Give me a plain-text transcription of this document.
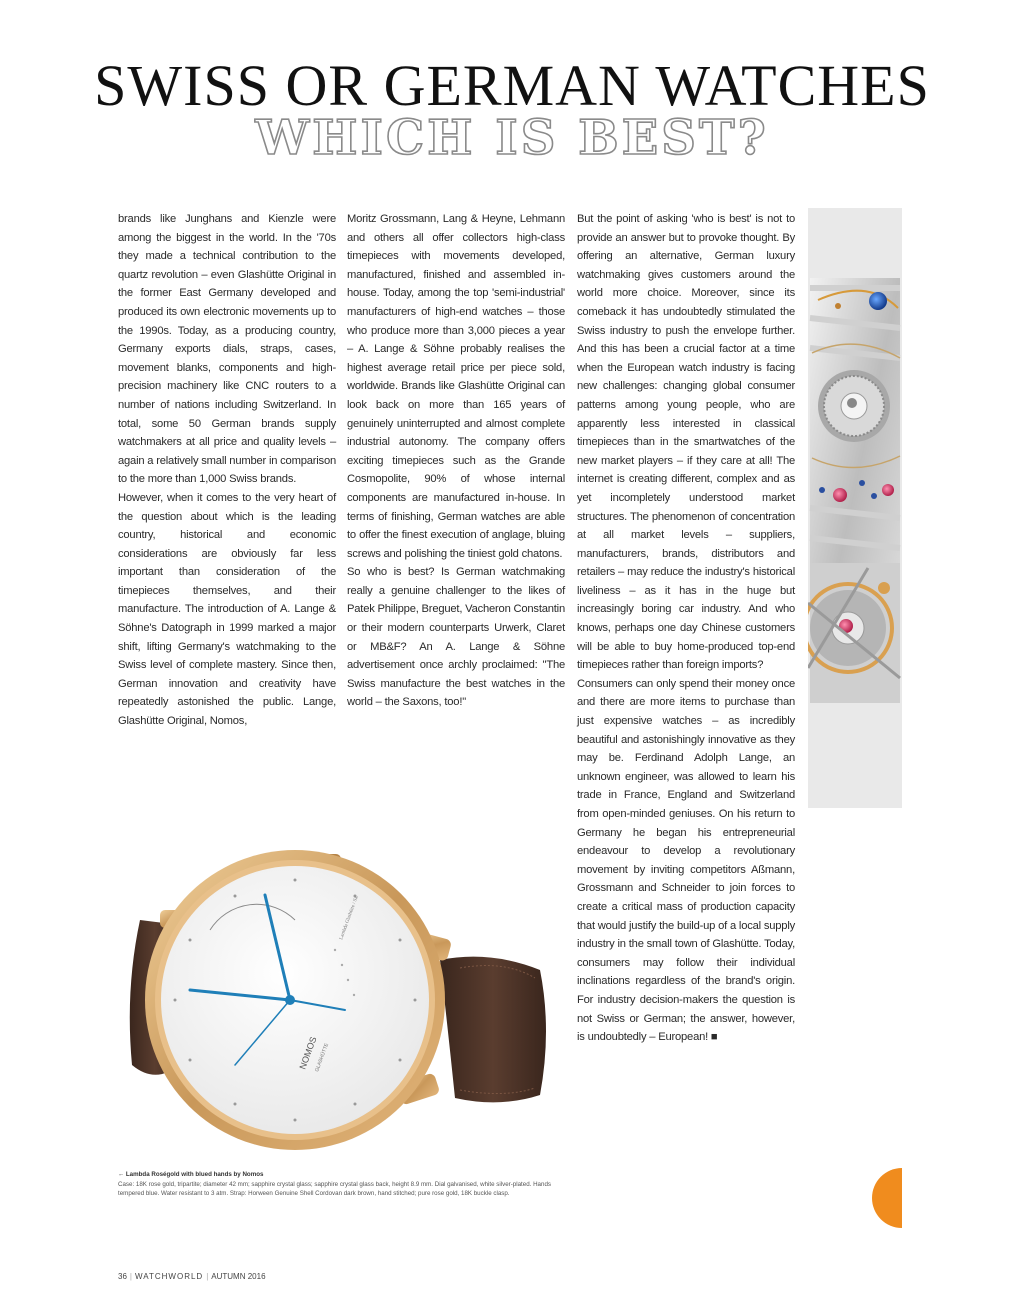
SWISS OR GERMAN WATCHES
WHICH IS BEST?

brands like Junghans and Kienzle were among the biggest in the world. In the '70s they made a technical contribution to the quartz revolution – even Glashütte Original in the former East Germany developed and produced its own electronic movements up to the 1990s. Today, as a producing country, Germany exports dials, straps, cases, movement blanks, components and high-precision machinery like CNC routers to a number of nations including Switzerland. In total, some 50 German brands supply watchmakers at all price and quality levels – again a relatively small number in comparison to the more than 1,000 Swiss brands.

However, when it comes to the very heart of the question about which is the leading country, historical and economic considerations are obviously far less important than consideration of the timepieces themselves, and their manufacture. The introduction of A. Lange & Söhne's Datograph in 1999 marked a major shift, lifting Germany's watchmaking to the Swiss level of complete mastery. Since then, German innovation and creativity have repeatedly astonished the public. Lange, Glashütte Original, Nomos,

Moritz Grossmann, Lang & Heyne, Lehmann and others all offer collectors high-class timepieces with movements developed, manufactured, finished and assembled in-house. Today, among the top 'semi-industrial' manufacturers of high-end watches – those who produce more than 3,000 pieces a year – A. Lange & Söhne probably realises the highest average retail price per piece sold, worldwide. Brands like Glashütte Original can look back on more than 165 years of genuinely uninterrupted and almost complete industrial autonomy. The company offers exciting timepieces such as the Grande Cosmopolite, 90% of whose internal components are manufactured in-house. In terms of finishing, German watches are able to offer the finest execution of anglage, bluing screws and polishing the tiniest gold chatons.

So who is best? Is German watchmaking really a genuine challenger to the likes of Patek Philippe, Breguet, Vacheron Constantin or their modern counterparts Urwerk, Claret or MB&F? An A. Lange & Söhne advertisement once archly proclaimed: "The Swiss manufacture the best watches in the world – the Saxons, too!"

But the point of asking 'who is best' is not to provide an answer but to provoke thought. By offering an alternative, German luxury watchmaking gives customers around the world more choice. Moreover, since its comeback it has undoubtedly stimulated the Swiss industry to push the envelope further. And this has been a crucial factor at a time when the European watch industry is facing new challenges: changing global consumer patterns among young people, who are apparently less interested in classical timepieces than in the smartwatches of the new market players – if they care at all! The internet is creating different, complex and as yet incompletely understood market structures. The phenomenon of concentration at all market levels – suppliers, manufacturers, brands, distributors and retailers – may reduce the industry's historical liveliness – as it has in the huge but increasingly boring car industry. And who knows, perhaps one day Chinese customers will be able to buy home-produced top-end timepieces rather than foreign imports?

Consumers can only spend their money once and there are more items to purchase than just expensive watches – as incredibly beautiful and astonishingly innovative as they may be. Ferdinand Adolph Lange, an unknown engineer, was allowed to learn his trade in France, England and Switzerland from open-minded geniuses. On his return to Germany he began his entrepreneurial endeavour to develop a revolutionary movement by inviting competitors Aßmann, Grossmann and Schneider to join forces to create a critical mass of production capacity that would justify the build-up of a local supply industry in the small town of Glashütte. Today, consumers may follow their individual inclinations regardless of the brand's origin. For industry decision-makers the question is not Swiss or German; the answer, however, is undoubtedly – European! ■

NOMOS
GLASHÜTTE
Lambda Glashütte / Sa.
← Lambda Roségold with blued hands by Nomos
Case: 18K rose gold, tripartite; diameter 42 mm; sapphire crystal glass; sapphire crystal glass back, height 8.9 mm. Dial galvanised, white silver-plated. Hands tempered blue. Water resistant to 3 atm. Strap: Horween Genuine Shell Cordovan dark brown, hand stitched; pure rose gold, 18K buckle clasp.
36 | WATCHWORLD | AUTUMN 2016
